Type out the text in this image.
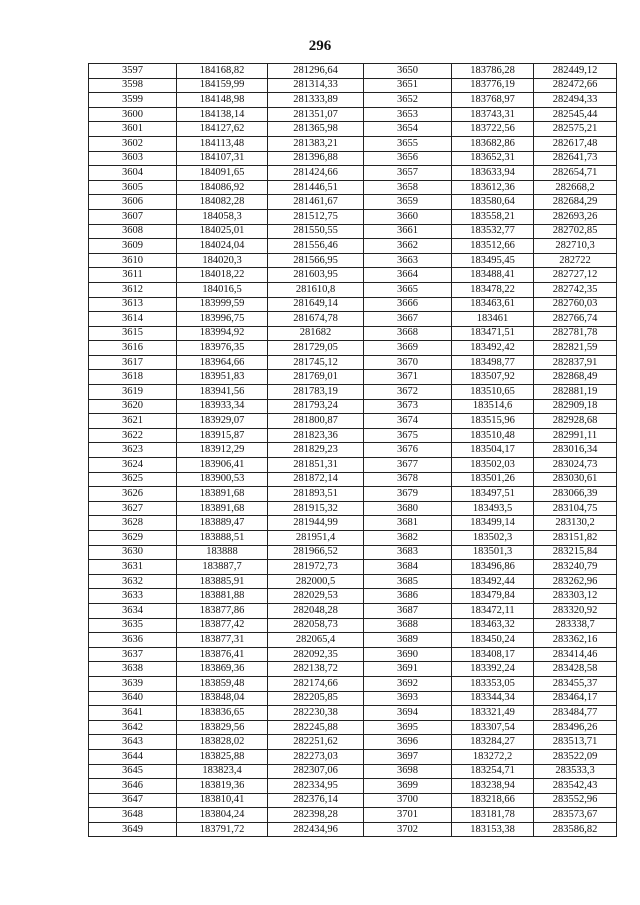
296
3597	184168,82	281296,64	3650	183786,28	282449,12
3598	184159,99	281314,33	3651	183776,19	282472,66
3599	184148,98	281333,89	3652	183768,97	282494,33
3600	184138,14	281351,07	3653	183743,31	282545,44
3601	184127,62	281365,98	3654	183722,56	282575,21
3602	184113,48	281383,21	3655	183682,86	282617,48
3603	184107,31	281396,88	3656	183652,31	282641,73
3604	184091,65	281424,66	3657	183633,94	282654,71
3605	184086,92	281446,51	3658	183612,36	282668,2
3606	184082,28	281461,67	3659	183580,64	282684,29
3607	184058,3	281512,75	3660	183558,21	282693,26
3608	184025,01	281550,55	3661	183532,77	282702,85
3609	184024,04	281556,46	3662	183512,66	282710,3
3610	184020,3	281566,95	3663	183495,45	282722
3611	184018,22	281603,95	3664	183488,41	282727,12
3612	184016,5	281610,8	3665	183478,22	282742,35
3613	183999,59	281649,14	3666	183463,61	282760,03
3614	183996,75	281674,78	3667	183461	282766,74
3615	183994,92	281682	3668	183471,51	282781,78
3616	183976,35	281729,05	3669	183492,42	282821,59
3617	183964,66	281745,12	3670	183498,77	282837,91
3618	183951,83	281769,01	3671	183507,92	282868,49
3619	183941,56	281783,19	3672	183510,65	282881,19
3620	183933,34	281793,24	3673	183514,6	282909,18
3621	183929,07	281800,87	3674	183515,96	282928,68
3622	183915,87	281823,36	3675	183510,48	282991,11
3623	183912,29	281829,23	3676	183504,17	283016,34
3624	183906,41	281851,31	3677	183502,03	283024,73
3625	183900,53	281872,14	3678	183501,26	283030,61
3626	183891,68	281893,51	3679	183497,51	283066,39
3627	183891,68	281915,32	3680	183493,5	283104,75
3628	183889,47	281944,99	3681	183499,14	283130,2
3629	183888,51	281951,4	3682	183502,3	283151,82
3630	183888	281966,52	3683	183501,3	283215,84
3631	183887,7	281972,73	3684	183496,86	283240,79
3632	183885,91	282000,5	3685	183492,44	283262,96
3633	183881,88	282029,53	3686	183479,84	283303,12
3634	183877,86	282048,28	3687	183472,11	283320,92
3635	183877,42	282058,73	3688	183463,32	283338,7
3636	183877,31	282065,4	3689	183450,24	283362,16
3637	183876,41	282092,35	3690	183408,17	283414,46
3638	183869,36	282138,72	3691	183392,24	283428,58
3639	183859,48	282174,66	3692	183353,05	283455,37
3640	183848,04	282205,85	3693	183344,34	283464,17
3641	183836,65	282230,38	3694	183321,49	283484,77
3642	183829,56	282245,88	3695	183307,54	283496,26
3643	183828,02	282251,62	3696	183284,27	283513,71
3644	183825,88	282273,03	3697	183272,2	283522,09
3645	183823,4	282307,06	3698	183254,71	283533,3
3646	183819,36	282334,95	3699	183238,94	283542,43
3647	183810,41	282376,14	3700	183218,66	283552,96
3648	183804,24	282398,28	3701	183181,78	283573,67
3649	183791,72	282434,96	3702	183153,38	283586,82
